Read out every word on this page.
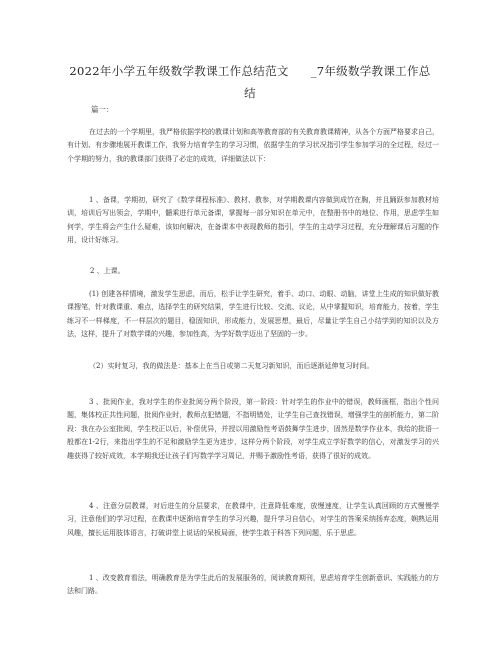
2022年小学五年级数学教课工作总结范文 _7年级数学教课工作总
结
篇一：

在过去的一个学期里，我严格依据学校的教课计划和高等教育部的有关教育教课精神，从各个方面严格要求自己，有计划、有步骤地展开教课工作，我努力培育学生的学习习惯，依据学生的学习状况指引学生参加学习的全过程，经过一个学期的努力，我的教课部门获得了必定的成效，详细做法以下：

1 、备课，学期初，研究了《数学课程标准》、教材、教参，对学期教课内容做到成竹在胸，并且踊跃参加教材培训，培训后写出领会，学期中，髓乘进行单元备课，掌握每一部分知识在单元中，在整册书中的地位、作用，思虑学生如何学，学生将会产生什么疑难，该如何解决，在备课本中表现教师的指引，学生的主动学习过程，充分理解课后习题的作用，设计好练习。

2 、上课。

(1) 创建各样情境，激发学生思虑，而后，松手让学生研究，着手、动口、动眼、动脑，讲堂上生成的知识做好教课搜笔，针对教课重、难点，选择学生的研究结果，学生进行比较、交流、议论，从中掌握知识，培育能力，按着，学生练习不一样梯度，不一样层次的题目，稳固知识，形成能力，发展思想，最后，尽量让学生自己小结学到的知识以及方法，这样，提升了对数学课的兴趣，参加性高，为学好数学迈出了坚固的一步。

（2）实时复习，我的做法是：基本上在当日或第二天复习新知识，而后逐渐延伸复习时间。

3 、批阅作业，我对学生的作业批阅分两个阶段，第一阶段：针对学生的作业中的错误，教师画框，指出个性问题，集体校正共性问题，批阅作业时，教师点犯错题，不指明错处，让学生自己查找错误，增强学生的剖析能力，第二阶段：我在办公室批阅，学生校正以后，补偿优异，并授以用激励性考语鼓舞学生进步，固然是数学作业本，我给的批语一般都在1-2行，来指出学生的不足和激励学生更为进步，这样分两个阶段，对学生成立学好数学的信心，对激发学习的兴趣获得了较好成效，本学期我还让孩子们写数学学习周记，并赐予激励性考语，获得了很好的成效。

4 、注意分层教课，对后进生的分层要求，在教课中，注意降低难度，放慢速度，让学生认真回顾的方式慢慢学习，注意他们的学习过程，在教课中逐渐培育学生的学习兴趣，提升学习自信心，对学生的答案采纳扬弃态度，娴熟运用风趣，擅长运用肢体语言，打破讲堂上说话的呆板局面，使学生敢于科答下列问题，乐于思虑。

1 、改变教育看法，明确教育是为学生此后的发展服务的，阅读教育期刊，思虑培育学生创新意识、实践能力的方法和门路。
